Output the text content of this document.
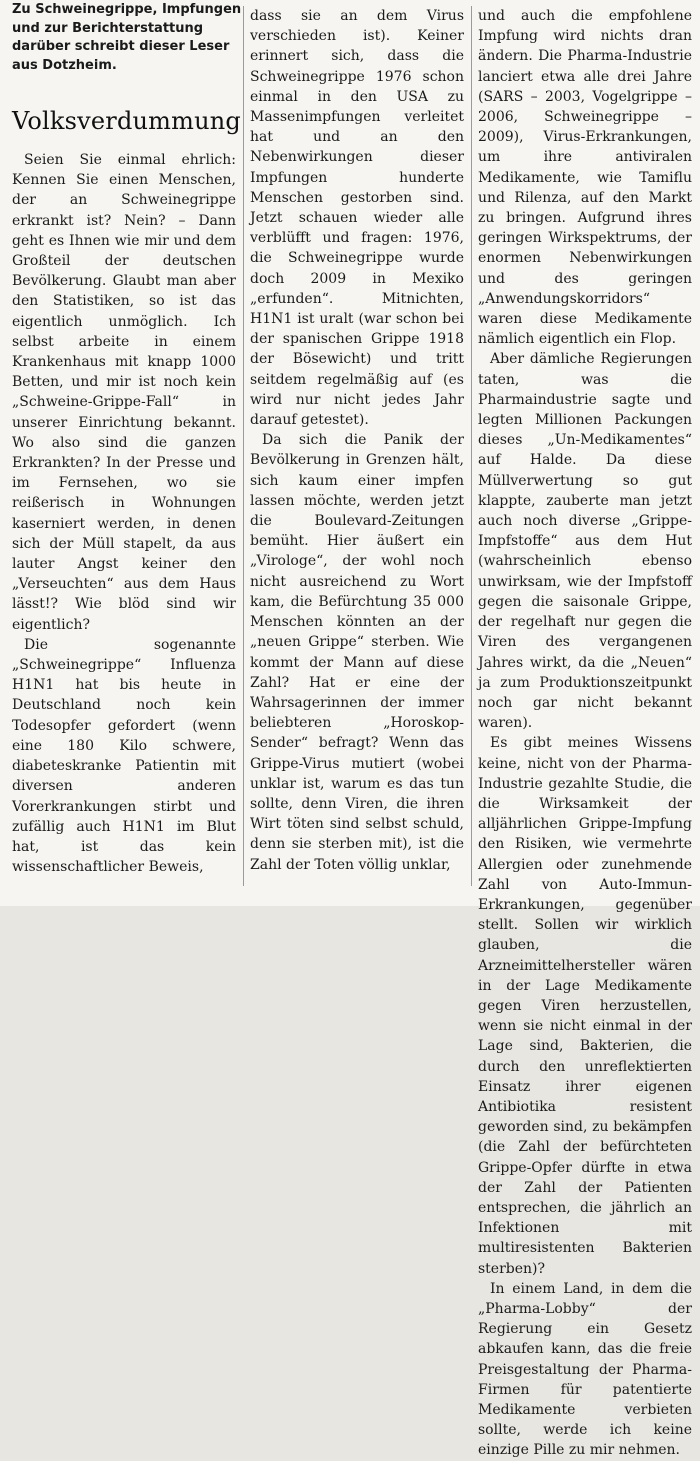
Zu Schweinegrippe, Impfungen und zur Berichterstattung darüber schreibt dieser Leser aus Dotzheim.
Volksverdummung

Seien Sie einmal ehrlich: Kennen Sie einen Menschen, der an Schweinegrippe erkrankt ist? Nein? – Dann geht es Ihnen wie mir und dem Großteil der deutschen Bevölkerung. Glaubt man aber den Statistiken, so ist das eigentlich unmöglich. Ich selbst arbeite in einem Krankenhaus mit knapp 1000 Betten, und mir ist noch kein „Schweine-Grippe-Fall“ in unserer Einrichtung bekannt. Wo also sind die ganzen Erkrankten? In der Presse und im Fernsehen, wo sie reißerisch in Wohnungen kaserniert werden, in denen sich der Müll stapelt, da aus lauter Angst keiner den „Verseuchten“ aus dem Haus lässt!? Wie blöd sind wir eigentlich?

Die sogenannte „Schweinegrippe“ Influenza H1N1 hat bis heute in Deutschland noch kein Todesopfer gefordert (wenn eine 180 Kilo schwere, diabeteskranke Patientin mit diversen anderen Vorerkrankungen stirbt und zufällig auch H1N1 im Blut hat, ist das kein wissenschaftlicher Beweis,

dass sie an dem Virus verschieden ist). Keiner erinnert sich, dass die Schweinegrippe 1976 schon einmal in den USA zu Massenimpfungen verleitet hat und an den Nebenwirkungen dieser Impfungen hunderte Menschen gestorben sind. Jetzt schauen wieder alle verblüfft und fragen: 1976, die Schweinegrippe wurde doch 2009 in Mexiko „erfunden“. Mitnichten, H1N1 ist uralt (war schon bei der spanischen Grippe 1918 der Bösewicht) und tritt seitdem regelmäßig auf (es wird nur nicht jedes Jahr darauf getestet).

Da sich die Panik der Bevölkerung in Grenzen hält, sich kaum einer impfen lassen möchte, werden jetzt die Boulevard-Zeitungen bemüht. Hier äußert ein „Virologe“, der wohl noch nicht ausreichend zu Wort kam, die Befürchtung 35 000 Menschen könnten an der „neuen Grippe“ sterben. Wie kommt der Mann auf diese Zahl? Hat er eine der Wahrsagerinnen der immer beliebteren „Horoskop-Sender“ befragt? Wenn das Grippe-Virus mutiert (wobei unklar ist, warum es das tun sollte, denn Viren, die ihren Wirt töten sind selbst schuld, denn sie sterben mit), ist die Zahl der Toten völlig unklar,

und auch die empfohlene Impfung wird nichts dran ändern. Die Pharma-Industrie lanciert etwa alle drei Jahre (SARS – 2003, Vogelgrippe – 2006, Schweinegrippe – 2009), Virus-Erkrankungen, um ihre antiviralen Medikamente, wie Tamiflu und Rilenza, auf den Markt zu bringen. Aufgrund ihres geringen Wirkspektrums, der enormen Nebenwirkungen und des geringen „Anwendungskorridors“ waren diese Medikamente nämlich eigentlich ein Flop.

Aber dämliche Regierungen taten, was die Pharmaindustrie sagte und legten Millionen Packungen dieses „Un-Medikamentes“ auf Halde. Da diese Müllverwertung so gut klappte, zauberte man jetzt auch noch diverse „Grippe-Impfstoffe“ aus dem Hut (wahrscheinlich ebenso unwirksam, wie der Impfstoff gegen die saisonale Grippe, der regelhaft nur gegen die Viren des vergangenen Jahres wirkt, da die „Neuen“ ja zum Produktionszeitpunkt noch gar nicht bekannt waren).

Es gibt meines Wissens keine, nicht von der Pharma-Industrie gezahlte Studie, die die Wirksamkeit der alljährlichen Grippe-Impfung den Risiken, wie vermehrte Allergien oder zunehmende Zahl von Auto-Immun-Erkrankungen, gegenüber stellt. Sollen wir wirklich glauben, die Arzneimittelhersteller wären in der Lage Medikamente gegen Viren herzustellen, wenn sie nicht einmal in der Lage sind, Bakterien, die durch den unreflektierten Einsatz ihrer eigenen Antibiotika resistent geworden sind, zu bekämpfen (die Zahl der befürchteten Grippe-Opfer dürfte in etwa der Zahl der Patienten entsprechen, die jährlich an Infektionen mit multiresistenten Bakterien sterben)?

In einem Land, in dem die „Pharma-Lobby“ der Regierung ein Gesetz abkaufen kann, das die freie Preisgestaltung der Pharma-Firmen für patentierte Medikamente verbieten sollte, werde ich keine einzige Pille zu mir nehmen.
